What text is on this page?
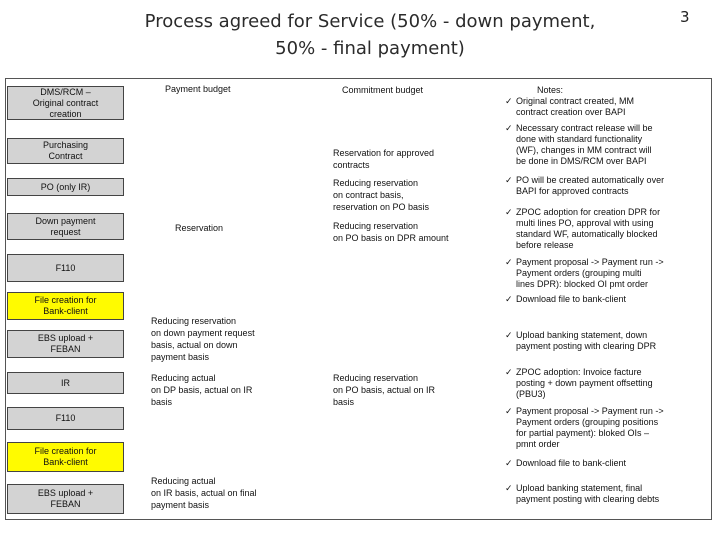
Process agreed for Service (50% - down payment,
50% - final payment)
3
DMS/RCM –
Original contract
creation
Purchasing
Contract
PO (only IR)
Down payment
request
F110
File creation for
Bank-client
EBS upload +
FEBAN
IR
F110
File creation for
Bank-client
EBS upload +
FEBAN
Payment budget	Commitment budget	Notes:
Reservation
Reducing reservation
on down payment request
basis, actual on down
payment basis
Reducing actual
on DP basis, actual on IR
basis
Reducing actual
on IR basis, actual on final
payment basis
Reservation for approved
contracts
Reducing reservation
on contract basis,
reservation on PO basis
Reducing reservation
on PO basis on DPR amount
Reducing reservation
on PO basis, actual on IR
basis
✓ Original contract created, MM
contract creation over BAPI
✓ Necessary contract release will be
done with standard functionality
(WF), changes in MM contract will
be done in DMS/RCM over BAPI
✓ PO will be created automatically over
BAPI for approved contracts
✓ ZPOC adoption for creation DPR for
multi lines PO, approval with using
standard WF, automatically blocked
before release
✓ Payment proposal -> Payment run ->
Payment orders (grouping multi
lines DPR): blocked OI pmt order
✓ Download file to bank-client
✓ Upload banking statement, down
payment posting with clearing DPR
✓ ZPOC adoption: Invoice facture
posting + down payment offsetting
(PBU3)
✓ Payment proposal -> Payment run ->
Payment orders (grouping positions
for partial payment): bloked OIs –
pmnt order
✓ Download file to bank-client
✓ Upload banking statement, final
payment posting with clearing debts
